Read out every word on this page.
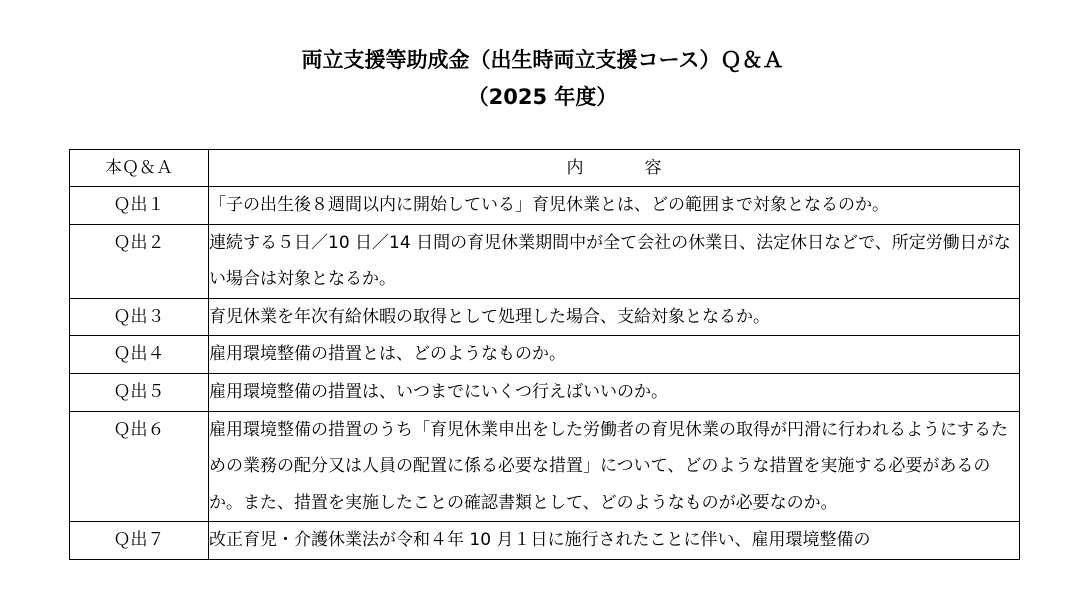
両立支援等助成金（出生時両立支援コース）Ｑ＆Ａ
（2025 年度）
本Ｑ＆Ａ	内　容
Ｑ出１	「子の出生後８週間以内に開始している」育児休業とは、どの範囲まで対象となるのか。
Ｑ出２	連続する５日／10 日／14 日間の育児休業期間中が全て会社の休業日、法定休日などで、所定労働日がない場合は対象となるか。
Ｑ出３	育児休業を年次有給休暇の取得として処理した場合、支給対象となるか。
Ｑ出４	雇用環境整備の措置とは、どのようなものか。
Ｑ出５	雇用環境整備の措置は、いつまでにいくつ行えばいいのか。
Ｑ出６	雇用環境整備の措置のうち「育児休業申出をした労働者の育児休業の取得が円滑に行われるようにするための業務の配分又は人員の配置に係る必要な措置」について、どのような措置を実施する必要があるのか。また、措置を実施したことの確認書類として、どのようなものが必要なのか。
Ｑ出７	改正育児・介護休業法が令和４年 10 月１日に施行されたことに伴い、雇用環境整備の
